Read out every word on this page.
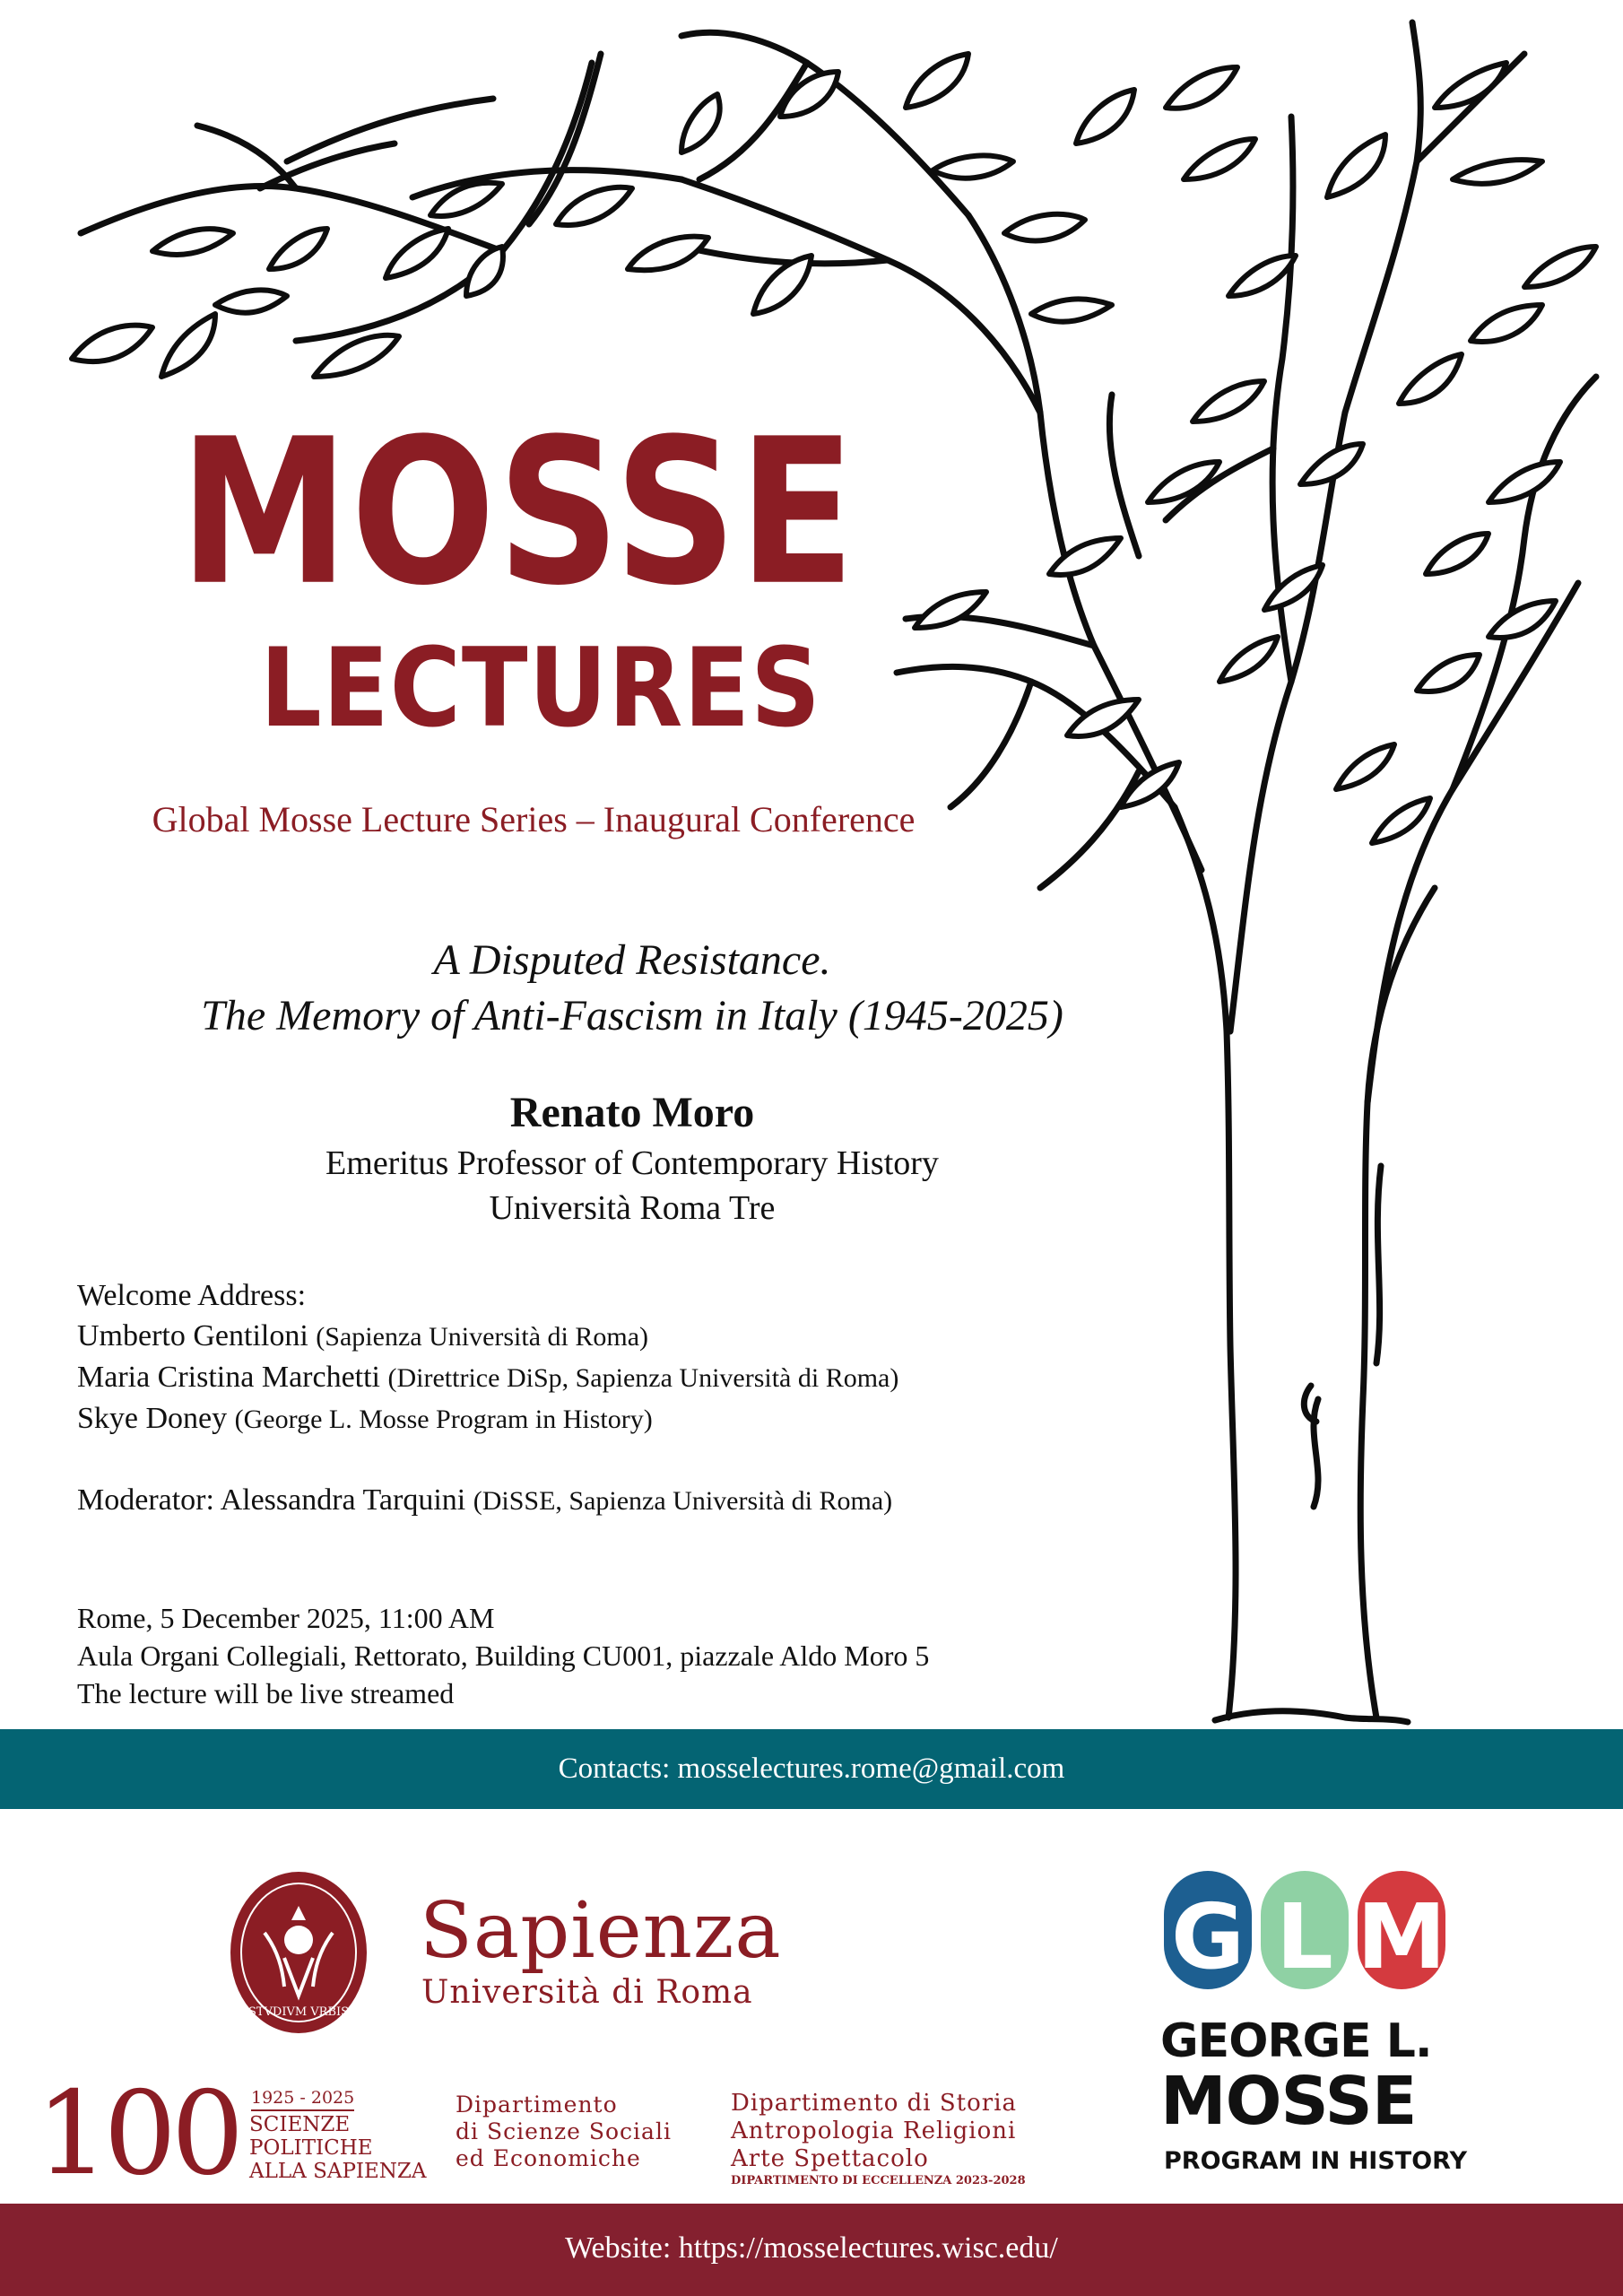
MOSSE
LECTURES
Global Mosse Lecture Series – Inaugural Conference
A Disputed Resistance.
The Memory of Anti-Fascism in Italy (1945-2025)
Renato Moro
Emeritus Professor of Contemporary History
Università Roma Tre
Welcome Address:
Umberto Gentiloni (Sapienza Università di Roma)
Maria Cristina Marchetti (Direttrice DiSp, Sapienza Università di Roma)
Skye Doney (George L. Mosse Program in History)
Moderator: Alessandra Tarquini (DiSSE, Sapienza Università di Roma)
Rome, 5 December 2025, 11:00 AM
Aula Organi Collegiali, Rettorato, Building CU001, piazzale Aldo Moro 5
The lecture will be live streamed
Contacts: mosselectures.rome@gmail.com
STVDIVM VRBIS
Sapienza
Università di Roma
100 1925 - 2025
SCIENZE
POLITICHE
ALLA SAPIENZA
Dipartimento
di Scienze Sociali
ed Economiche
Dipartimento di Storia
Antropologia Religioni
Arte Spettacolo
DIPARTIMENTO DI ECCELLENZA 2023-2028
G L M
GEORGE L.
MOSSE
PROGRAM IN HISTORY
Website: https://mosselectures.wisc.edu/
